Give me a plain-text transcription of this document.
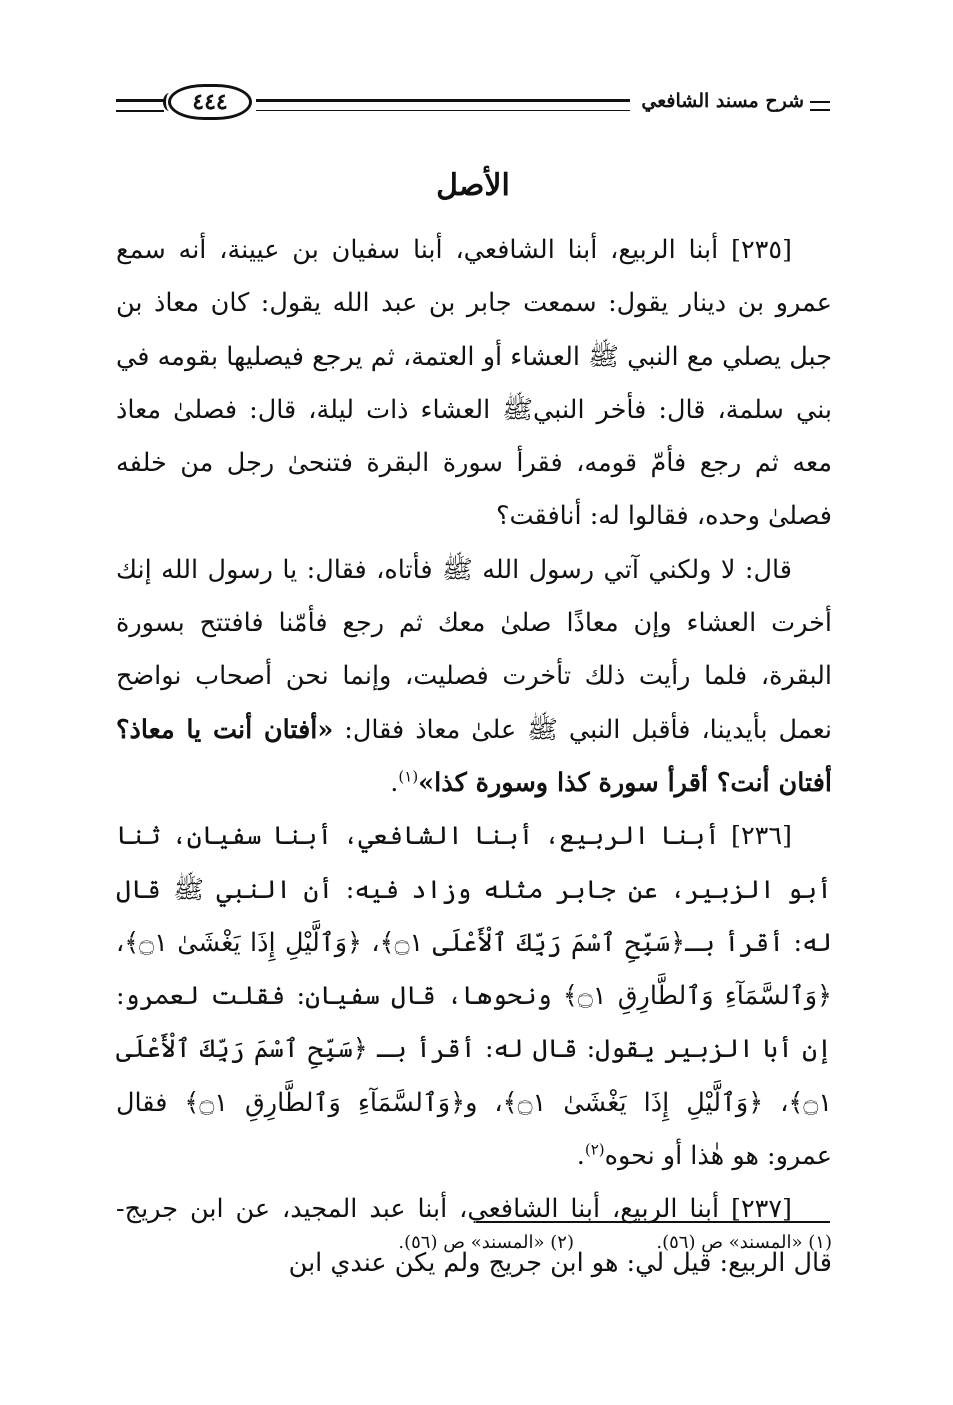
شرح مسند الشافعي
٤٤٤
الأصل

[٢٣٥] أبنا الربيع، أبنا الشافعي، أبنا سفيان بن عيينة، أنه سمع عمرو بن دينار يقول: سمعت جابر بن عبد الله يقول: كان معاذ بن جبل يصلي مع النبي ﷺ العشاء أو العتمة، ثم يرجع فيصليها بقومه في بني سلمة، قال: فأخر النبيﷺ العشاء ذات ليلة، قال: فصلىٰ معاذ معه ثم رجع فأمّ قومه، فقرأ سورة البقرة فتنحىٰ رجل من خلفه فصلىٰ وحده، فقالوا له: أنافقت؟

قال: لا ولكني آتي رسول الله ﷺ فأتاه، فقال: يا رسول الله إنك أخرت العشاء وإن معاذًا صلىٰ معك ثم رجع فأمّنا فافتتح بسورة البقرة، فلما رأيت ذلك تأخرت فصليت، وإنما نحن أصحاب نواضح نعمل بأيدينا، فأقبل النبي ﷺ علىٰ معاذ فقال: «أفتان أنت يا معاذ؟ أفتان أنت؟ أقرأ سورة كذا وسورة كذا»$^{(١)}$.

[٢٣٦] أبنا الربيع، أبنا الشافعي، أبنا سفيان، ثنا أبو الزبير، عن جابر مثله وزاد فيه: أن النبي ﷺ قال له: أقرأ بـ﴿سَبِّحِ ٱسْمَ رَبِّكَ ٱلْأَعْلَى ۝١﴾، ﴿وَٱلَّيْلِ إِذَا يَغْشَىٰ ۝١﴾، ﴿وَٱلسَّمَآءِ وَٱلطَّارِقِ ۝١﴾ ونحوها، قال سفيان: فقلت لعمرو: إن أبا الزبير يقول: قال له: أقرأ بـ ﴿سَبِّحِ ٱسْمَ رَبِّكَ ٱلْأَعْلَى ۝١﴾، ﴿وَٱلَّيْلِ إِذَا يَغْشَىٰ ۝١﴾، و﴿وَٱلسَّمَآءِ وَٱلطَّارِقِ ۝١﴾ فقال عمرو: هو هٰذا أو نحوه$^{(٢)}$.

[٢٣٧] أبنا الربيع، أبنا الشافعي، أبنا عبد المجيد، عن ابن جريج- قال الربيع: قيل لي: هو ابن جريج ولم يكن عندي ابن

(١) «المسند» ص (٥٦).
(٢) «المسند» ص (٥٦).
